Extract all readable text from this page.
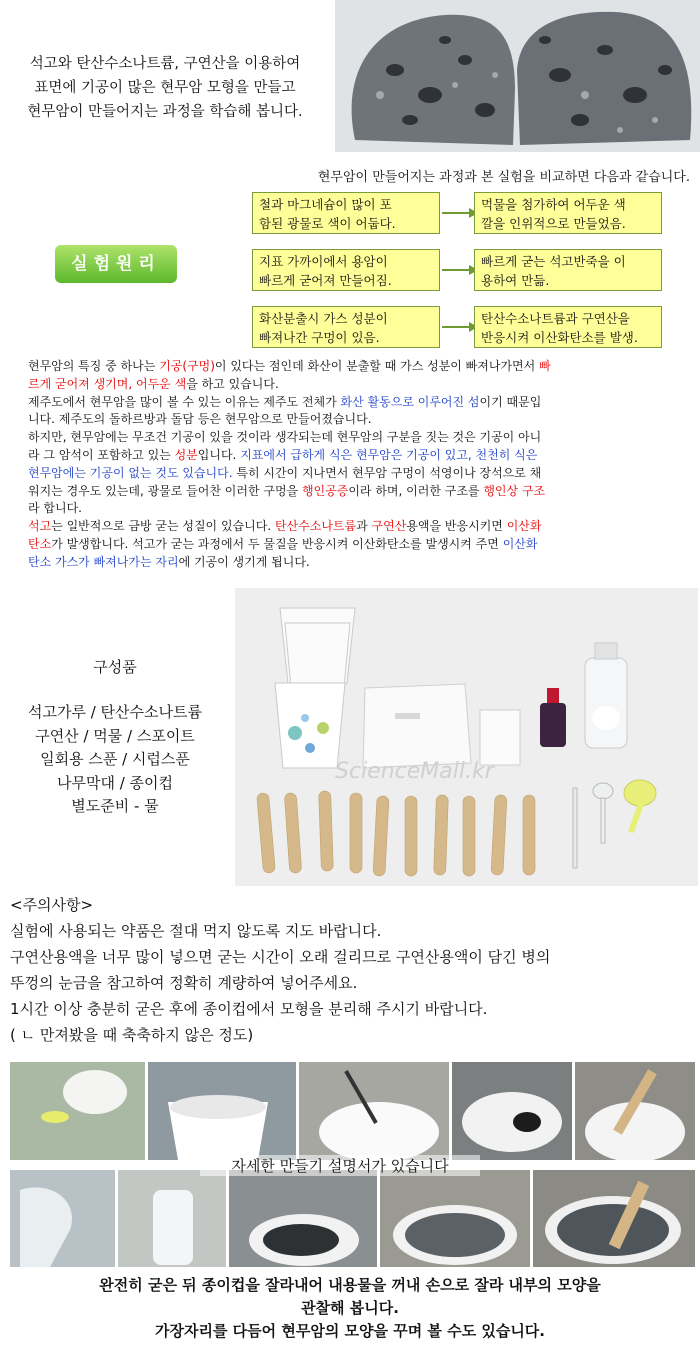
석고와 탄산수소나트륨, 구연산을 이용하여
표면에 기공이 많은 현무암 모형을 만들고
현무암이 만들어지는 과정을 학습해 봅니다.
현무암이 만들어지는 과정과 본 실험을 비교하면 다음과 같습니다.
실험원리
철과 마그네슘이 많이 포
함된 광물로 색이 어둡다.
먹물을 첨가하여 어두운 색
깔을 인위적으로 만들었음.
지표 가까이에서 용암이
빠르게 굳어져 만들어짐.
빠르게 굳는 석고반죽을 이
용하여 만듦.
화산분출시 가스 성분이
빠져나간 구멍이 있음.
탄산수소나트륨과 구연산을
반응시켜 이산화탄소를 발생.
현무암의 특징 중 하나는 기공(구멍)이 있다는 점인데 화산이 분출할 때 가스 성분이 빠져나가면서 빠
르게 굳어져 생기며, 어두운 색을 하고 있습니다.
제주도에서 현무암을 많이 볼 수 있는 이유는 제주도 전체가 화산 활동으로 이루어진 섬이기 때문입
니다. 제주도의 돌하르방과 돌담 등은 현무암으로 만들어졌습니다.
하지만, 현무암에는 무조건 기공이 있을 것이라 생각되는데 현무암의 구분을 짓는 것은 기공이 아니
라 그 암석이 포함하고 있는 성분입니다. 지표에서 급하게 식은 현무암은 기공이 있고, 천천히 식은
현무암에는 기공이 없는 것도 있습니다. 특히 시간이 지나면서 현무암 구멍이 석영이나 장석으로 채
워지는 경우도 있는데, 광물로 들어찬 이러한 구멍을 행인공증이라 하며, 이러한 구조를 행인상 구조
라 합니다.
석고는 일반적으로 금방 굳는 성질이 있습니다. 탄산수소나트륨과 구연산용액을 반응시키면 이산화
탄소가 발생합니다. 석고가 굳는 과정에서 두 물질을 반응시켜 이산화탄소를 발생시켜 주면 이산화
탄소 가스가 빠져나가는 자리에 기공이 생기게 됩니다.
구성품
석고가루 / 탄산수소나트륨
구연산 / 먹물 / 스포이트
일회용 스푼 / 시럽스푼
나무막대 / 종이컵
별도준비 - 물
ScienceMall.kr
<주의사항>
실험에 사용되는 약품은 절대 먹지 않도록 지도 바랍니다.
구연산용액을 너무 많이 넣으면 굳는 시간이 오래 걸리므로 구연산용액이 담긴 병의
뚜껑의 눈금을 참고하여 정확히 계량하여 넣어주세요.
1시간 이상 충분히 굳은 후에 종이컵에서 모형을 분리해 주시기 바랍니다.
( ㄴ 만져봤을 때 축축하지 않은 정도)
자세한 만들기 설명서가 있습니다
완전히 굳은 뒤 종이컵을 잘라내어 내용물을 꺼내 손으로 잘라 내부의 모양을
관찰해 봅니다.
가장자리를 다듬어 현무암의 모양을 꾸며 볼 수도 있습니다.
